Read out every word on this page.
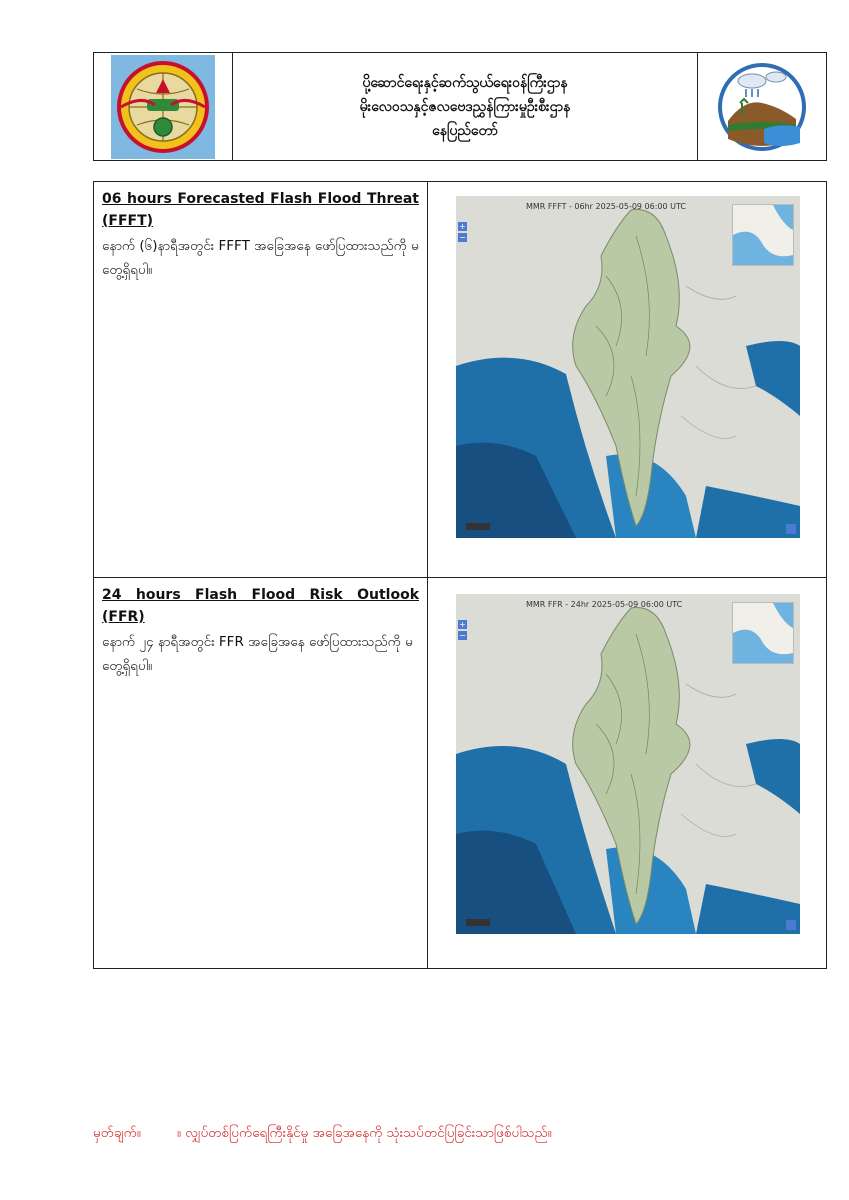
ပို့ဆောင်ရေးနှင့်ဆက်သွယ်ရေးဝန်ကြီးဌာန
မိုးလေဝသနှင့်ဇလဗေဒညွှန်ကြားမှုဦးစီးဌာန
နေပြည်တော်
06 hours Forecasted Flash Flood Threat (FFFT)
နောက် (၆)နာရီအတွင်း FFFT အခြေအနေ ဖော်ပြထားသည်ကို မတွေ့ရှိရပါ။
MMR FFFT - 06hr 2025-05-09 06:00 UTC
+
−
24 hours Flash Flood Risk Outlook (FFR)
နောက် ၂၄ နာရီအတွင်း FFR အခြေအနေ ဖော်ပြထားသည်ကို မတွေ့ရှိရပါ။
MMR FFR - 24hr 2025-05-09 06:00 UTC
+
−
မှတ်ချက်။	။ လျှပ်တစ်ပြက်ရေကြီးနိုင်မှု အခြေအနေကို သုံးသပ်တင်ပြခြင်းသာဖြစ်ပါသည်။
